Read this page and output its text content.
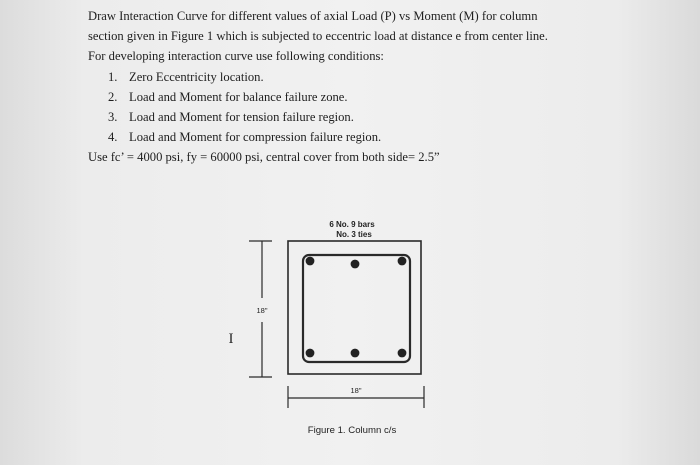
Draw Interaction Curve for different values of axial Load (P) vs Moment (M) for column
section given in Figure 1 which is subjected to eccentric load at distance e from center line.
For developing interaction curve use following conditions:
1. Zero Eccentricity location.
2. Load and Moment for balance failure zone.
3. Load and Moment for tension failure region.
4. Load and Moment for compression failure region.
Use fc’ = 4000 psi, fy = 60000 psi, central cover from both side= 2.5”
6 No. 9 bars
No. 3 ties
18"
I
18"
Figure 1. Column c/s
